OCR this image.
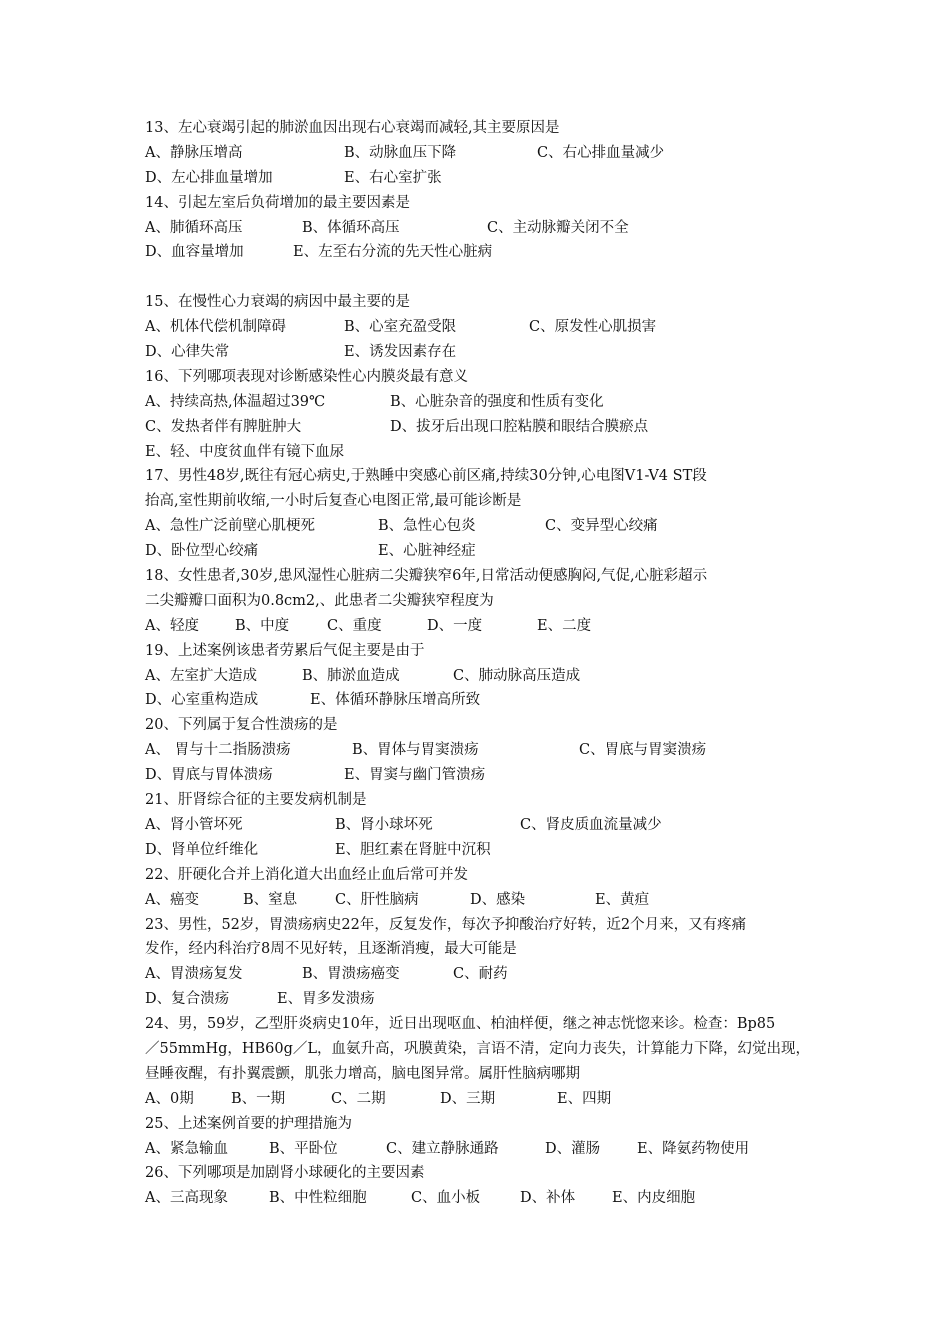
13、左心衰竭引起的肺淤血因出现右心衰竭而减轻,其主要原因是
A、静脉压增高	B、动脉血压下降	C、右心排血量减少
D、左心排血量增加	E、右心室扩张
14、引起左室后负荷增加的最主要因素是
A、肺循环高压	B、体循环高压	C、主动脉瓣关闭不全
D、血容量增加	E、左至右分流的先天性心脏病
15、在慢性心力衰竭的病因中最主要的是
A、机体代偿机制障碍	B、心室充盈受限	C、原发性心肌损害
D、心律失常	E、诱发因素存在
16、下列哪项表现对诊断感染性心内膜炎最有意义
A、持续高热,体温超过39℃	B、心脏杂音的强度和性质有变化
C、发热者伴有脾脏肿大	D、拔牙后出现口腔粘膜和眼结合膜瘀点
E、轻、中度贫血伴有镜下血尿
17、男性48岁,既往有冠心病史,于熟睡中突感心前区痛,持续30分钟,心电图V1-V4 ST段
抬高,室性期前收缩,一小时后复查心电图正常,最可能诊断是
A、急性广泛前壁心肌梗死	B、急性心包炎	C、变异型心绞痛
D、卧位型心绞痛	E、心脏神经症
18、女性患者,30岁,患风湿性心脏病二尖瓣狭窄6年,日常活动便感胸闷,气促,心脏彩超示
二尖瓣瓣口面积为0.8cm2,、此患者二尖瓣狭窄程度为
A、轻度 B、中度	C、重度	D、一度	E、二度
19、上述案例该患者劳累后气促主要是由于
A、左室扩大造成	B、肺淤血造成	C、肺动脉高压造成
D、心室重构造成	E、体循环静脉压增高所致
20、下列属于复合性溃疡的是
A、 胃与十二指肠溃疡	B、胃体与胃窦溃疡	C、胃底与胃窦溃疡
D、胃底与胃体溃疡	E、胃窦与幽门管溃疡
21、肝肾综合征的主要发病机制是
A、肾小管坏死	B、肾小球坏死	C、肾皮质血流量减少
D、肾单位纤维化	E、胆红素在肾脏中沉积
22、肝硬化合并上消化道大出血经止血后常可并发
A、癌变	B、窒息	C、肝性脑病	D、感染	E、黄疸
23、男性，52岁，胃溃疡病史22年，反复发作，每次予抑酸治疗好转，近2个月来，又有疼痛
发作，经内科治疗8周不见好转，且逐渐消瘦，最大可能是
A、胃溃疡复发	B、胃溃疡癌变	C、耐药
D、复合溃疡	E、胃多发溃疡
24、男，59岁，乙型肝炎病史10年，近日出现呕血、柏油样便，继之神志恍惚来诊。检查：Bp85
／55mmHg，HB60g／L，血氨升高，巩膜黄染，言语不清，定向力丧失，计算能力下降，幻觉出现，
昼睡夜醒，有扑翼震颤，肌张力增高，脑电图异常。属肝性脑病哪期
A、0期	B、一期	C、二期	D、三期	E、四期
25、上述案例首要的护理措施为
A、紧急输血	B、平卧位	C、建立静脉通路	D、灌肠	E、降氨药物使用
26、下列哪项是加剧肾小球硬化的主要因素
A、三高现象	B、中性粒细胞	C、血小板	D、补体	E、内皮细胞
